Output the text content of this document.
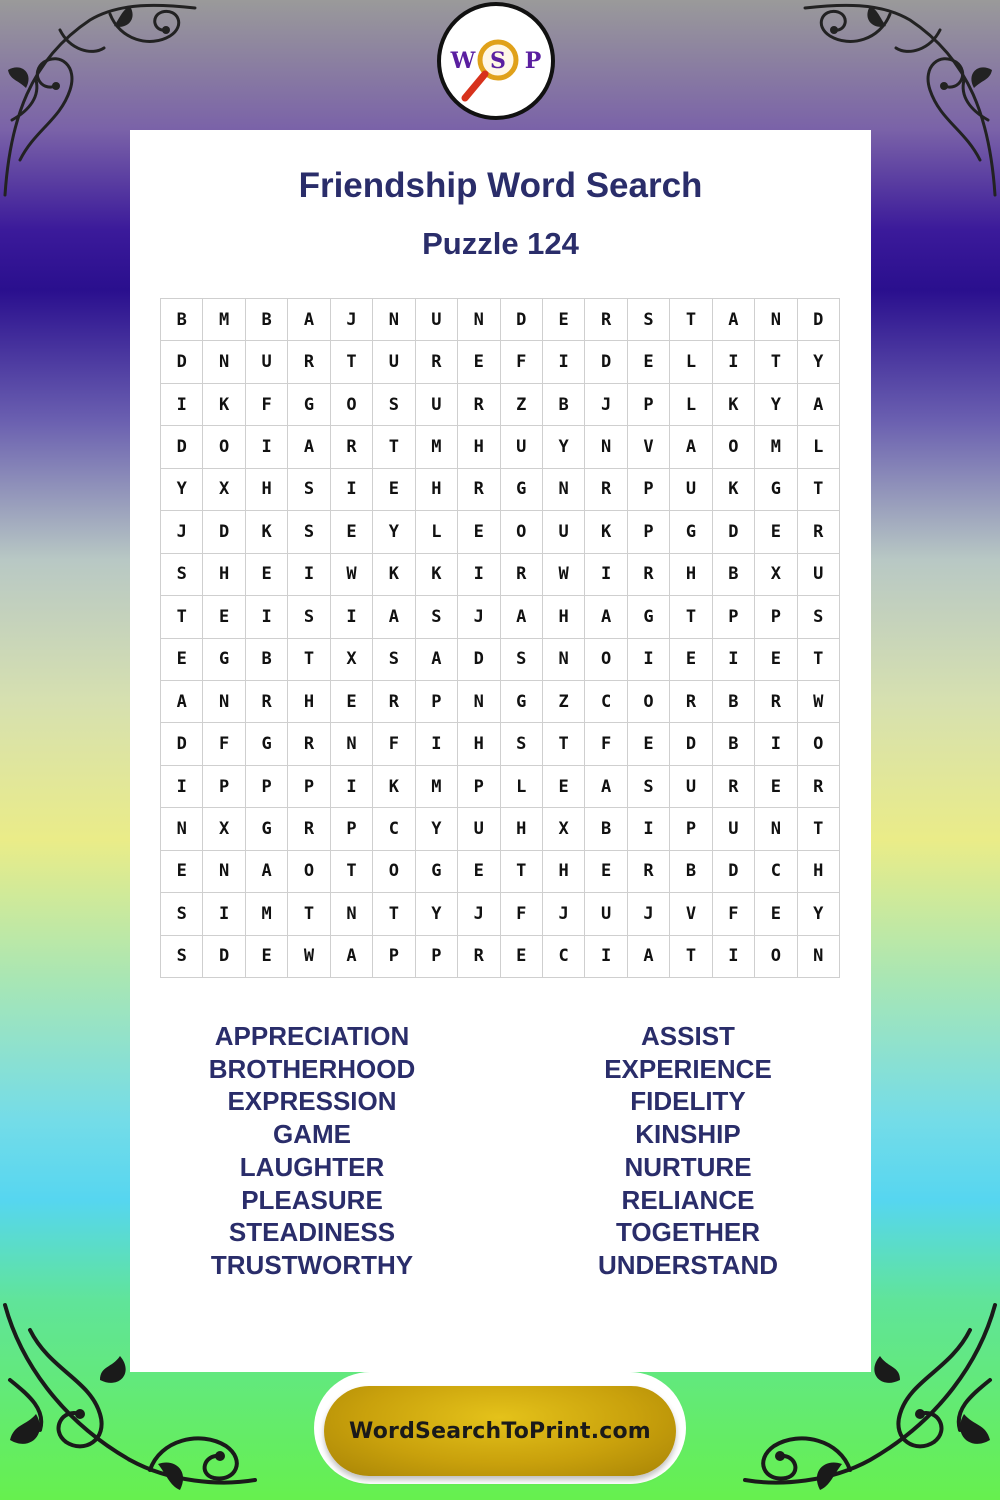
W S P
Friendship Word Search
Puzzle 124
B	M	B	A	J	N	U	N	D	E	R	S	T	A	N	D
D	N	U	R	T	U	R	E	F	I	D	E	L	I	T	Y
I	K	F	G	O	S	U	R	Z	B	J	P	L	K	Y	A
D	O	I	A	R	T	M	H	U	Y	N	V	A	O	M	L
Y	X	H	S	I	E	H	R	G	N	R	P	U	K	G	T
J	D	K	S	E	Y	L	E	O	U	K	P	G	D	E	R
S	H	E	I	W	K	K	I	R	W	I	R	H	B	X	U
T	E	I	S	I	A	S	J	A	H	A	G	T	P	P	S
E	G	B	T	X	S	A	D	S	N	O	I	E	I	E	T
A	N	R	H	E	R	P	N	G	Z	C	O	R	B	R	W
D	F	G	R	N	F	I	H	S	T	F	E	D	B	I	O
I	P	P	P	I	K	M	P	L	E	A	S	U	R	E	R
N	X	G	R	P	C	Y	U	H	X	B	I	P	U	N	T
E	N	A	O	T	O	G	E	T	H	E	R	B	D	C	H
S	I	M	T	N	T	Y	J	F	J	U	J	V	F	E	Y
S	D	E	W	A	P	P	R	E	C	I	A	T	I	O	N
APPRECIATION
BROTHERHOOD
EXPRESSION
GAME
LAUGHTER
PLEASURE
STEADINESS
TRUSTWORTHY
ASSIST
EXPERIENCE
FIDELITY
KINSHIP
NURTURE
RELIANCE
TOGETHER
UNDERSTAND
WordSearchToPrint.com
